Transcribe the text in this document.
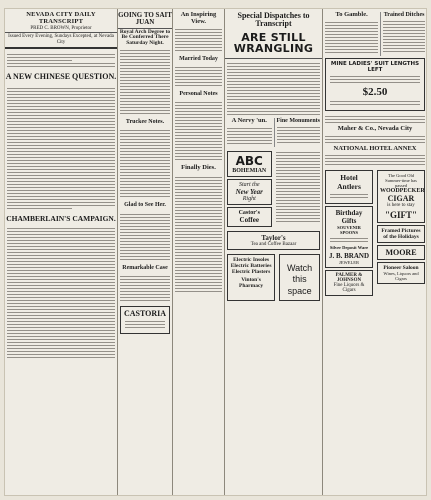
NEVADA CITY DAILY TRANSCRIPT
PRED C. BROWN, Proprietor
Issued Every Evening, Sundays Excepted, at Nevada City
A NEW CHINESE QUESTION.
CHAMBERLAIN'S CAMPAIGN.
GOING TO SAIT JUAN
Royal Arch Degree to Be Conferred There Saturday Night.
Truckee Notes.
Glad to See Her.
Remarkable Case
CASTORIA
An Inspiring View.
Married Today
Personal Notes
Finally Dies.
Special Dispatches to Transcript
ARE STILL WRANGLING
A Nervy 'un.	Fine Monuments
ABC
BOHEMIAN
Start the
New Year
Right
Castor's
Coffee
Taylor's
Tea and Coffee Bazaar
Electric Insoles
Electric Batteries
Electric Plasters
Vinton's Pharmacy
Watch
this
space
To Gamble.	Trained Ditches
MINE LADIES' SUIT LENGTHS LEFT
$2.50
Maher & Co., Nevada City
NATIONAL HOTEL ANNEX
Hotel Antlers
Birthday Gifts
SOUVENIR SPOONS
Silver Deposit Ware
J. B. BRAND
JEWELER
PALMER & JOHNSON
Fine Liquors & Cigars
The Good Old Summer-time has passed
WOODPECKER
CIGAR
is here to stay
"GIFT"
Framed Pictures of the Holidays
MOORE
Pioneer Saloon
Wines, Liquors and Cigars
